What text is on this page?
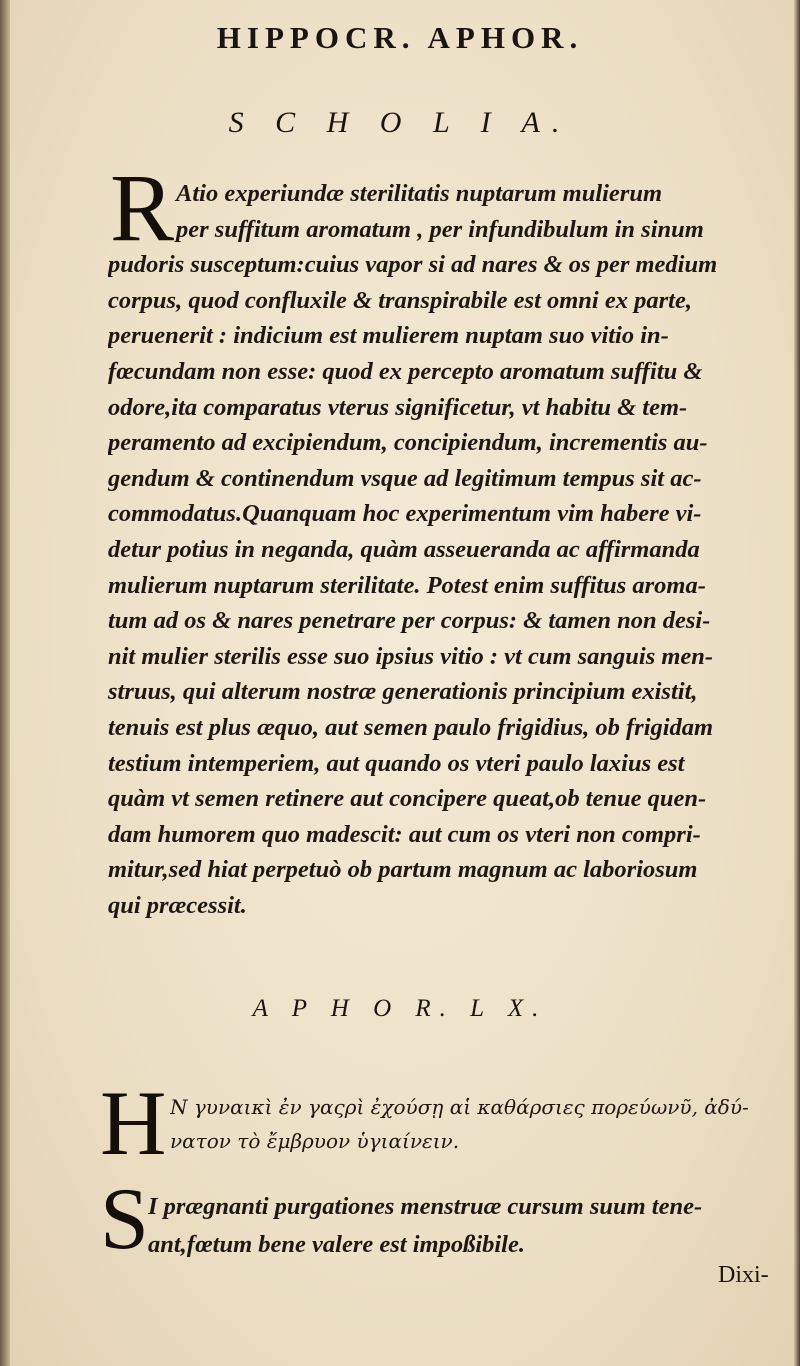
HIPPOCR. APHOR.
S C H O L I A.
R Atio experiundæ sterilitatis nuptarum mulierum
per suffitum aromatum , per infundibulum in sinum
pudoris susceptum:cuius vapor si ad nares & os per medium
corpus, quod confluxile & transpirabile est omni ex parte,
peruenerit : indicium est mulierem nuptam suo vitio in-
fœcundam non esse: quod ex percepto aromatum suffitu &
odore,ita comparatus vterus significetur, vt habitu & tem-
peramento ad excipiendum, concipiendum, incrementis au-
gendum & continendum vsque ad legitimum tempus sit ac-
commodatus.Quanquam hoc experimentum vim habere vi-
detur potius in neganda, quàm asseueranda ac affirmanda
mulierum nuptarum sterilitate. Potest enim suffitus aroma-
tum ad os & nares penetrare per corpus: & tamen non desi-
nit mulier sterilis esse suo ipsius vitio : vt cum sanguis men-
struus, qui alterum nostræ generationis principium existit,
tenuis est plus æquo, aut semen paulo frigidius, ob frigidam
testium intemperiem, aut quando os vteri paulo laxius est
quàm vt semen retinere aut concipere queat,ob tenue quen-
dam humorem quo madescit: aut cum os vteri non compri-
mitur,sed hiat perpetuò ob partum magnum ac laboriosum
qui præcessit.
A P H O R. L X.
H N γυναικὶ ἐν γαςρὶ ἐχούσῃ αἱ καθάρσιες πορεύωνῦ, ἀδύ-
νατον τὸ ἔμβρυον ὑγιαίνειν.
S I prægnanti purgationes menstruæ cursum suum tene-
ant,fœtum bene valere est impoßibile.
Dixi-
